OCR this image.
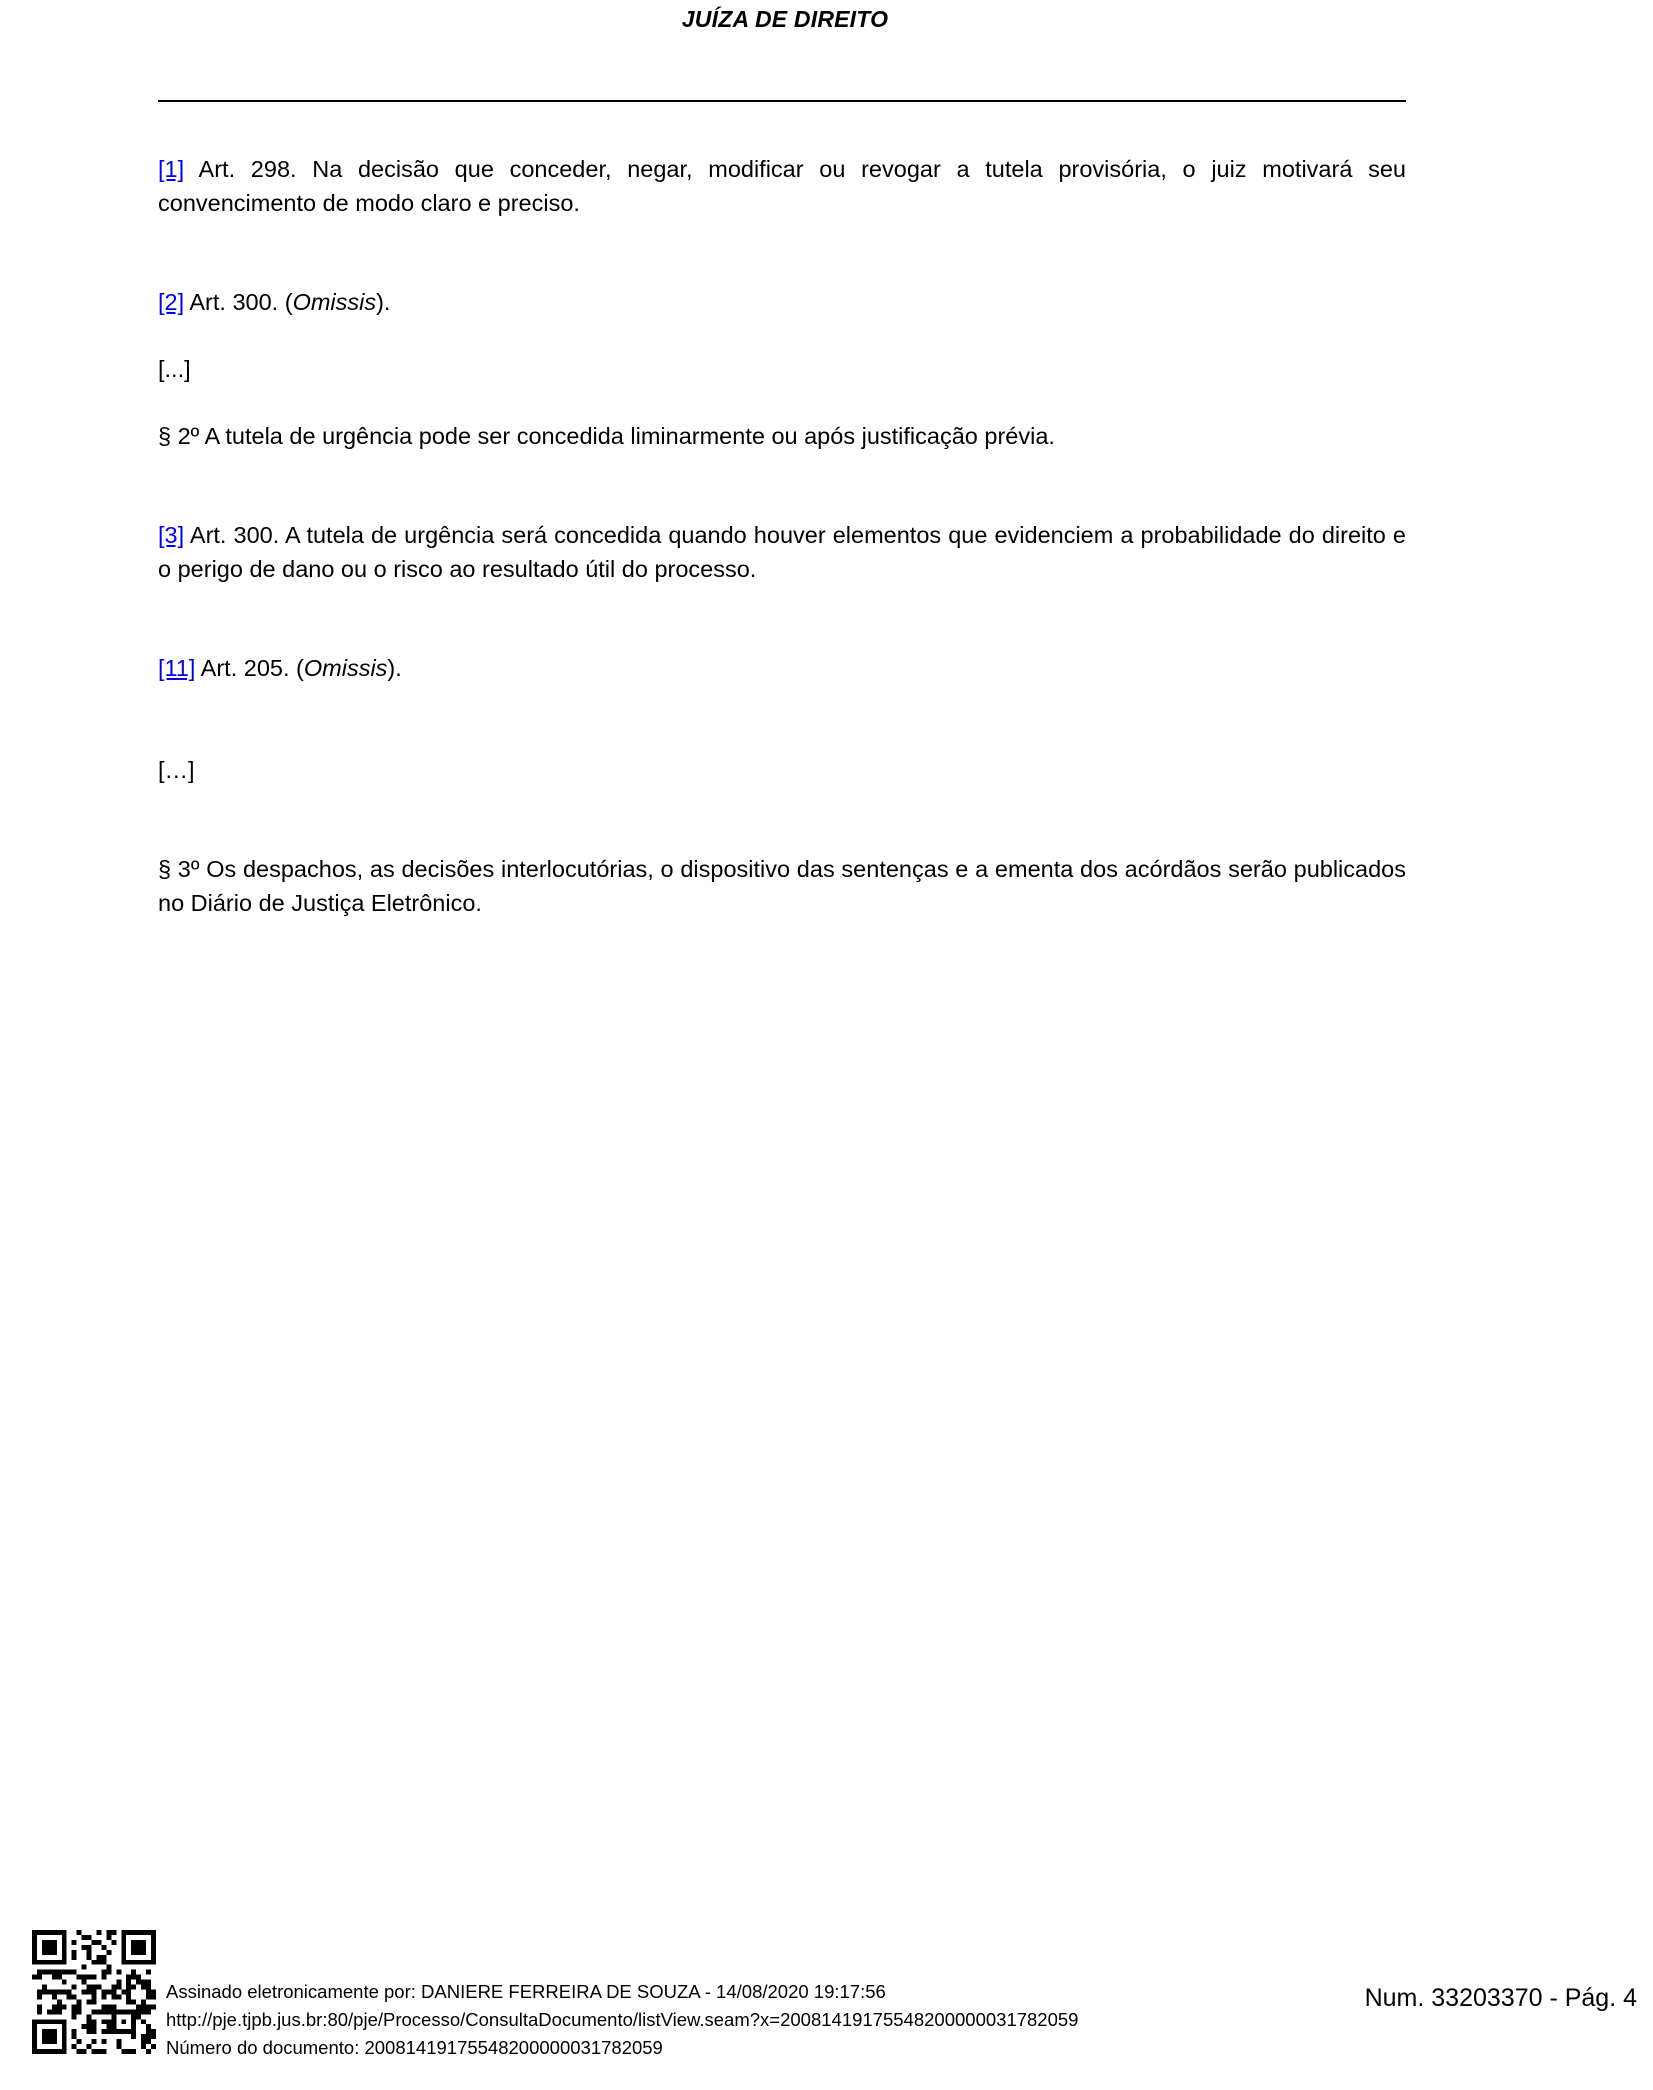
JUÍZA DE DIREITO
[1] Art. 298. Na decisão que conceder, negar, modificar ou revogar a tutela provisória, o juiz motivará seu convencimento de modo claro e preciso.
[2] Art. 300. (Omissis).
[...]
§ 2º A tutela de urgência pode ser concedida liminarmente ou após justificação prévia.
[3] Art. 300. A tutela de urgência será concedida quando houver elementos que evidenciem a probabilidade do direito e o perigo de dano ou o risco ao resultado útil do processo.
[11] Art. 205. (Omissis).
[…]
§ 3º Os despachos, as decisões interlocutórias, o dispositivo das sentenças e a ementa dos acórdãos serão publicados no Diário de Justiça Eletrônico.
Assinado eletronicamente por: DANIERE FERREIRA DE SOUZA - 14/08/2020 19:17:56
http://pje.tjpb.jus.br:80/pje/Processo/ConsultaDocumento/listView.seam?x=20081419175548200000031782059
Número do documento: 20081419175548200000031782059
Num. 33203370 - Pág. 4
